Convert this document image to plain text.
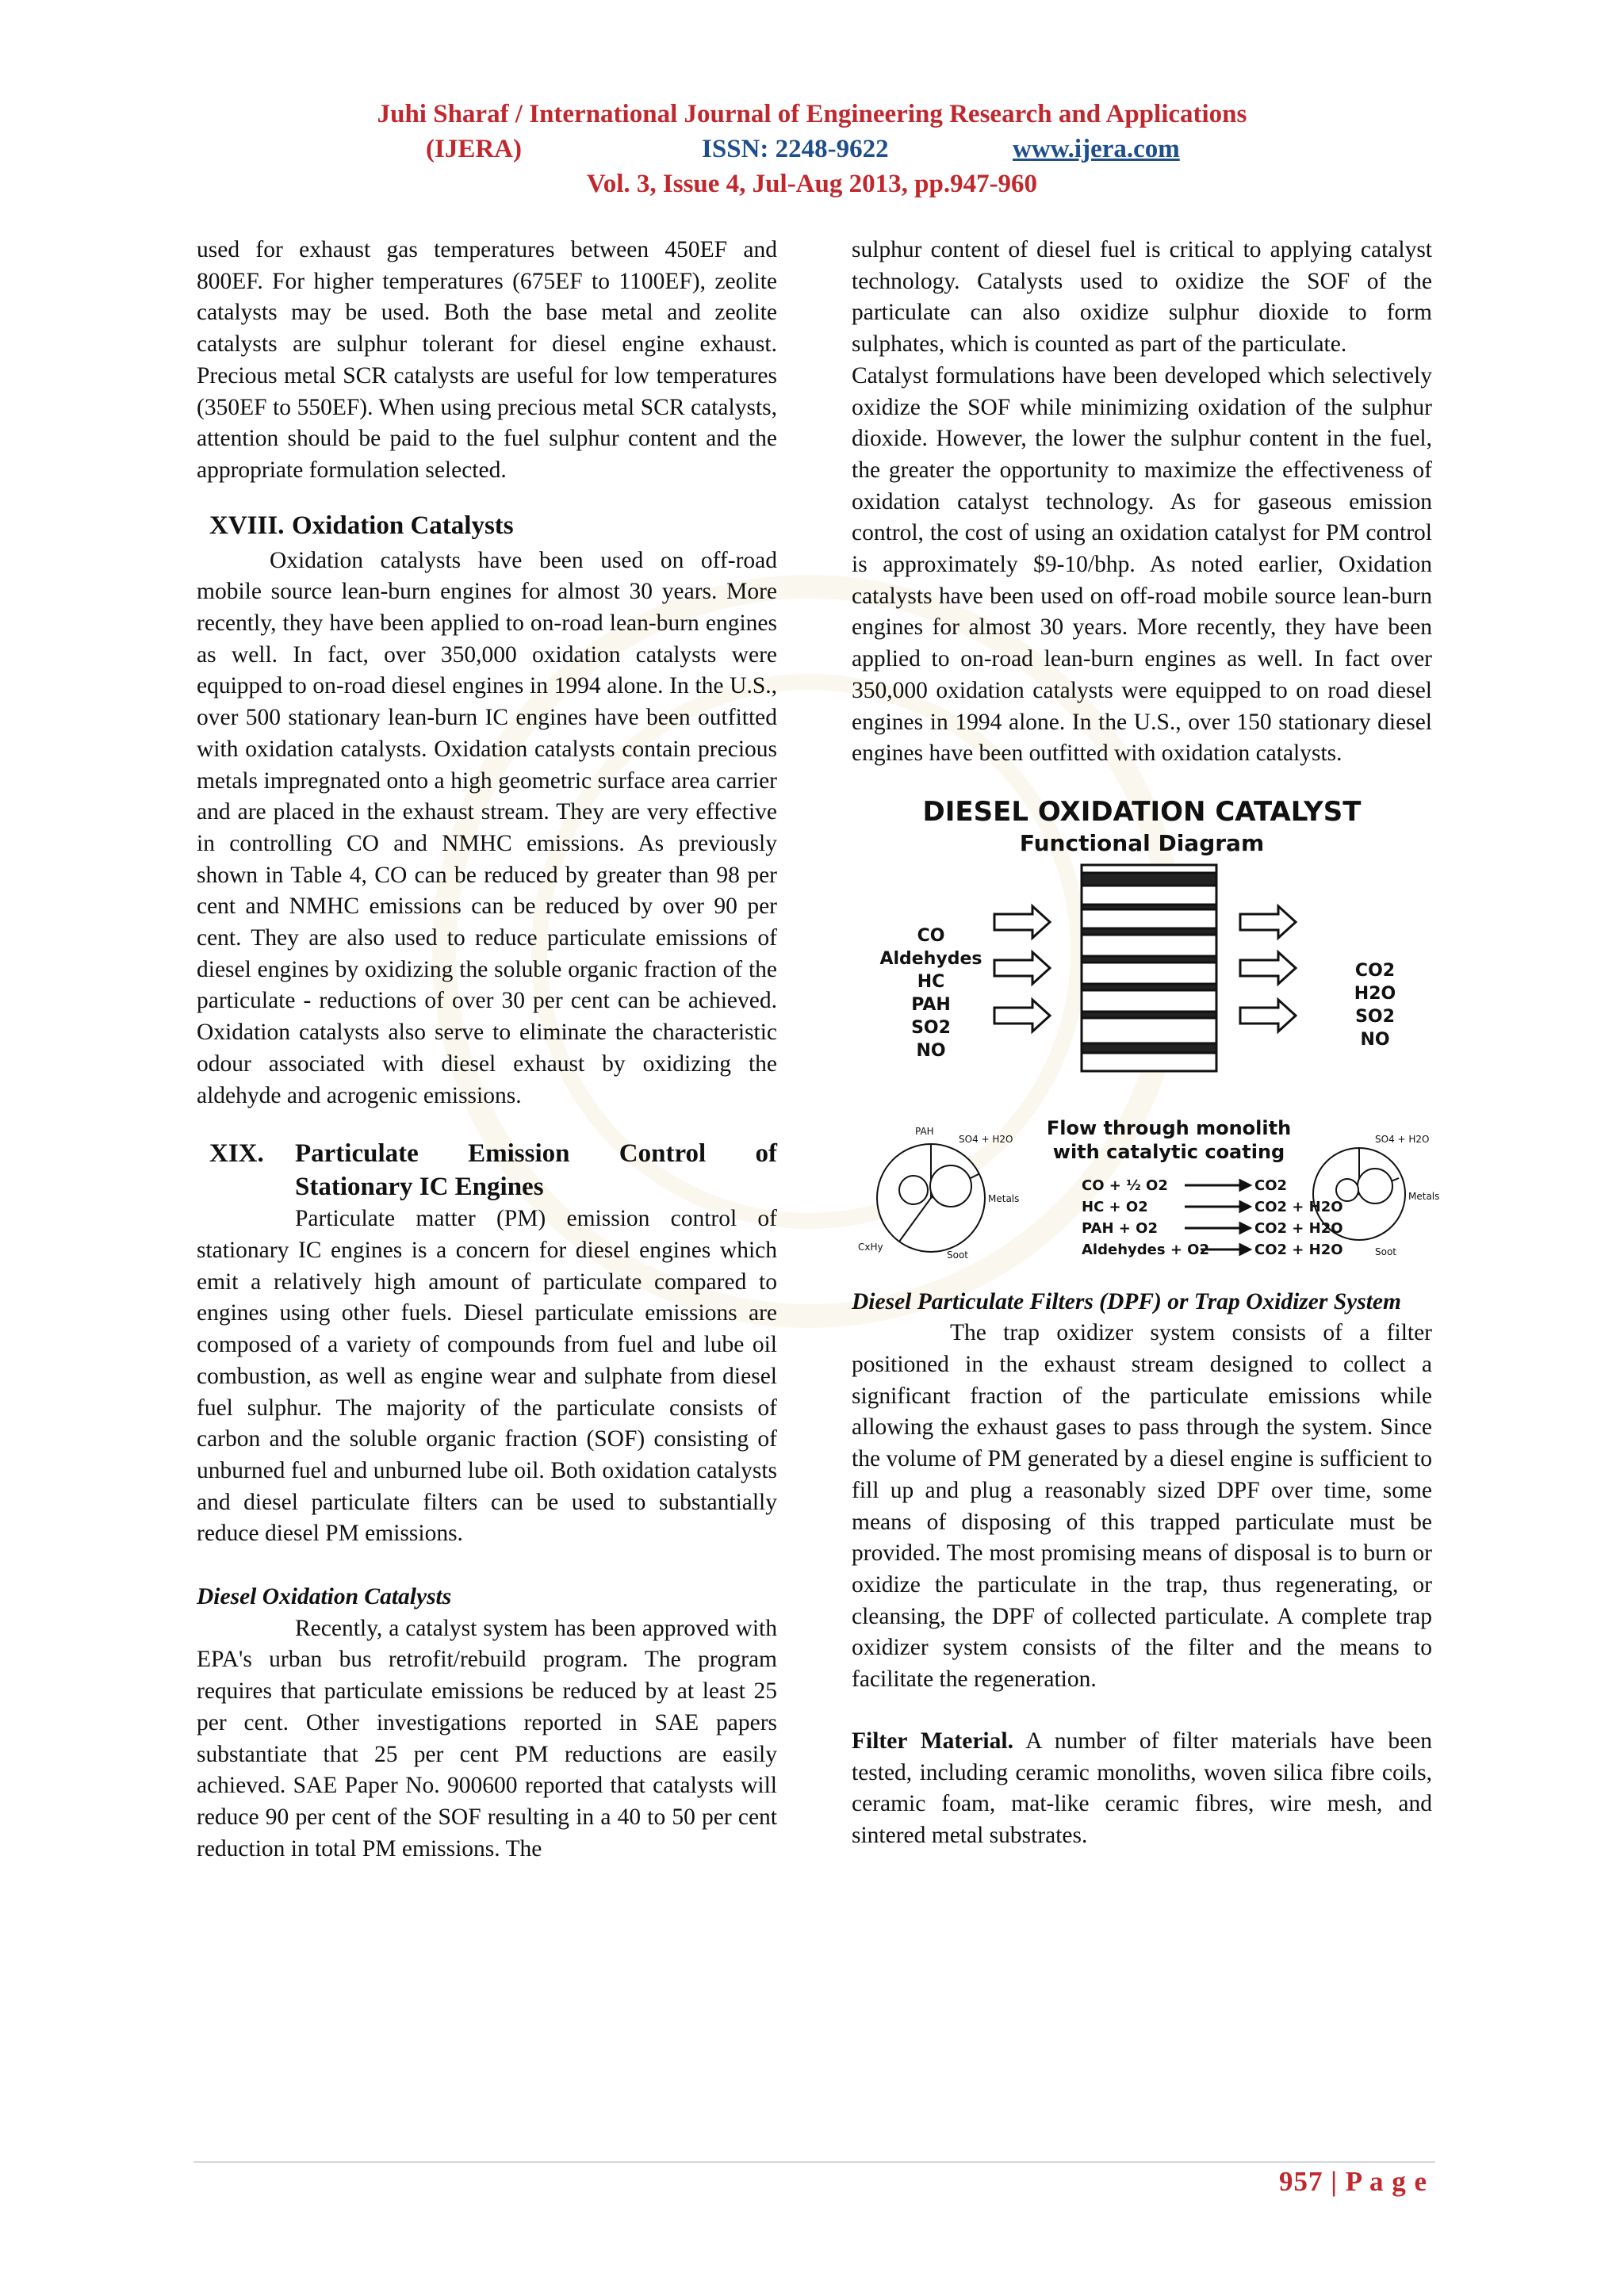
Juhi Sharaf / International Journal of Engineering Research and Applications
(IJERA)	ISSN: 2248-9622	www.ijera.com
Vol. 3, Issue 4, Jul-Aug 2013, pp.947-960

used for exhaust gas temperatures between 450EF and 800EF. For higher temperatures (675EF to 1100EF), zeolite catalysts may be used. Both the base metal and zeolite catalysts are sulphur tolerant for diesel engine exhaust. Precious metal SCR catalysts are useful for low temperatures (350EF to 550EF). When using precious metal SCR catalysts, attention should be paid to the fuel sulphur content and the appropriate formulation selected.

XVIII. Oxidation Catalysts

Oxidation catalysts have been used on off-road mobile source lean-burn engines for almost 30 years. More recently, they have been applied to on-road lean-burn engines as well. In fact, over 350,000 oxidation catalysts were equipped to on-road diesel engines in 1994 alone. In the U.S., over 500 stationary lean-burn IC engines have been outfitted with oxidation catalysts. Oxidation catalysts contain precious metals impregnated onto a high geometric surface area carrier and are placed in the exhaust stream. They are very effective in controlling CO and NMHC emissions. As previously shown in Table 4, CO can be reduced by greater than 98 per cent and NMHC emissions can be reduced by over 90 per cent. They are also used to reduce particulate emissions of diesel engines by oxidizing the soluble organic fraction of the particulate - reductions of over 30 per cent can be achieved. Oxidation catalysts also serve to eliminate the characteristic odour associated with diesel exhaust by oxidizing the aldehyde and acrogenic emissions.

XIX.	Particulate Emission Control of
Stationary IC Engines

Particulate matter (PM) emission control of stationary IC engines is a concern for diesel engines which emit a relatively high amount of particulate compared to engines using other fuels. Diesel particulate emissions are composed of a variety of compounds from fuel and lube oil combustion, as well as engine wear and sulphate from diesel fuel sulphur. The majority of the particulate consists of carbon and the soluble organic fraction (SOF) consisting of unburned fuel and unburned lube oil. Both oxidation catalysts and diesel particulate filters can be used to substantially reduce diesel PM emissions.

Diesel Oxidation Catalysts

Recently, a catalyst system has been approved with EPA's urban bus retrofit/rebuild program. The program requires that particulate emissions be reduced by at least 25 per cent. Other investigations reported in SAE papers substantiate that 25 per cent PM reductions are easily achieved. SAE Paper No. 900600 reported that catalysts will reduce 90 per cent of the SOF resulting in a 40 to 50 per cent reduction in total PM emissions. The

sulphur content of diesel fuel is critical to applying catalyst technology. Catalysts used to oxidize the SOF of the particulate can also oxidize sulphur dioxide to form sulphates, which is counted as part of the particulate.

Catalyst formulations have been developed which selectively oxidize the SOF while minimizing oxidation of the sulphur dioxide. However, the lower the sulphur content in the fuel, the greater the opportunity to maximize the effectiveness of oxidation catalyst technology. As for gaseous emission control, the cost of using an oxidation catalyst for PM control is approximately $9-10/bhp. As noted earlier, Oxidation catalysts have been used on off-road mobile source lean-burn engines for almost 30 years. More recently, they have been applied to on-road lean-burn engines as well. In fact over 350,000 oxidation catalysts were equipped to on road diesel engines in 1994 alone. In the U.S., over 150 stationary diesel engines have been outfitted with oxidation catalysts.

DIESEL OXIDATION CATALYST
Functional Diagram
CO
Aldehydes
HC
PAH
SO2
NO
CO2
H2O
SO2
NO
Flow through monolith
with catalytic coating
PAH
SO4 + H2O
Metals
Soot
CxHy
SO4 + H2O
Metals
Soot
CO + ½ O2
HC + O2
PAH + O2
Aldehydes + O2
CO2
CO2 + H2O
CO2 + H2O
CO2 + H2O

Diesel Particulate Filters (DPF) or Trap Oxidizer System

The trap oxidizer system consists of a filter positioned in the exhaust stream designed to collect a significant fraction of the particulate emissions while allowing the exhaust gases to pass through the system. Since the volume of PM generated by a diesel engine is sufficient to fill up and plug a reasonably sized DPF over time, some means of disposing of this trapped particulate must be provided. The most promising means of disposal is to burn or oxidize the particulate in the trap, thus regenerating, or cleansing, the DPF of collected particulate. A complete trap oxidizer system consists of the filter and the means to facilitate the regeneration.

Filter Material. A number of filter materials have been tested, including ceramic monoliths, woven silica fibre coils, ceramic foam, mat-like ceramic fibres, wire mesh, and sintered metal substrates.

957 | P a g e
